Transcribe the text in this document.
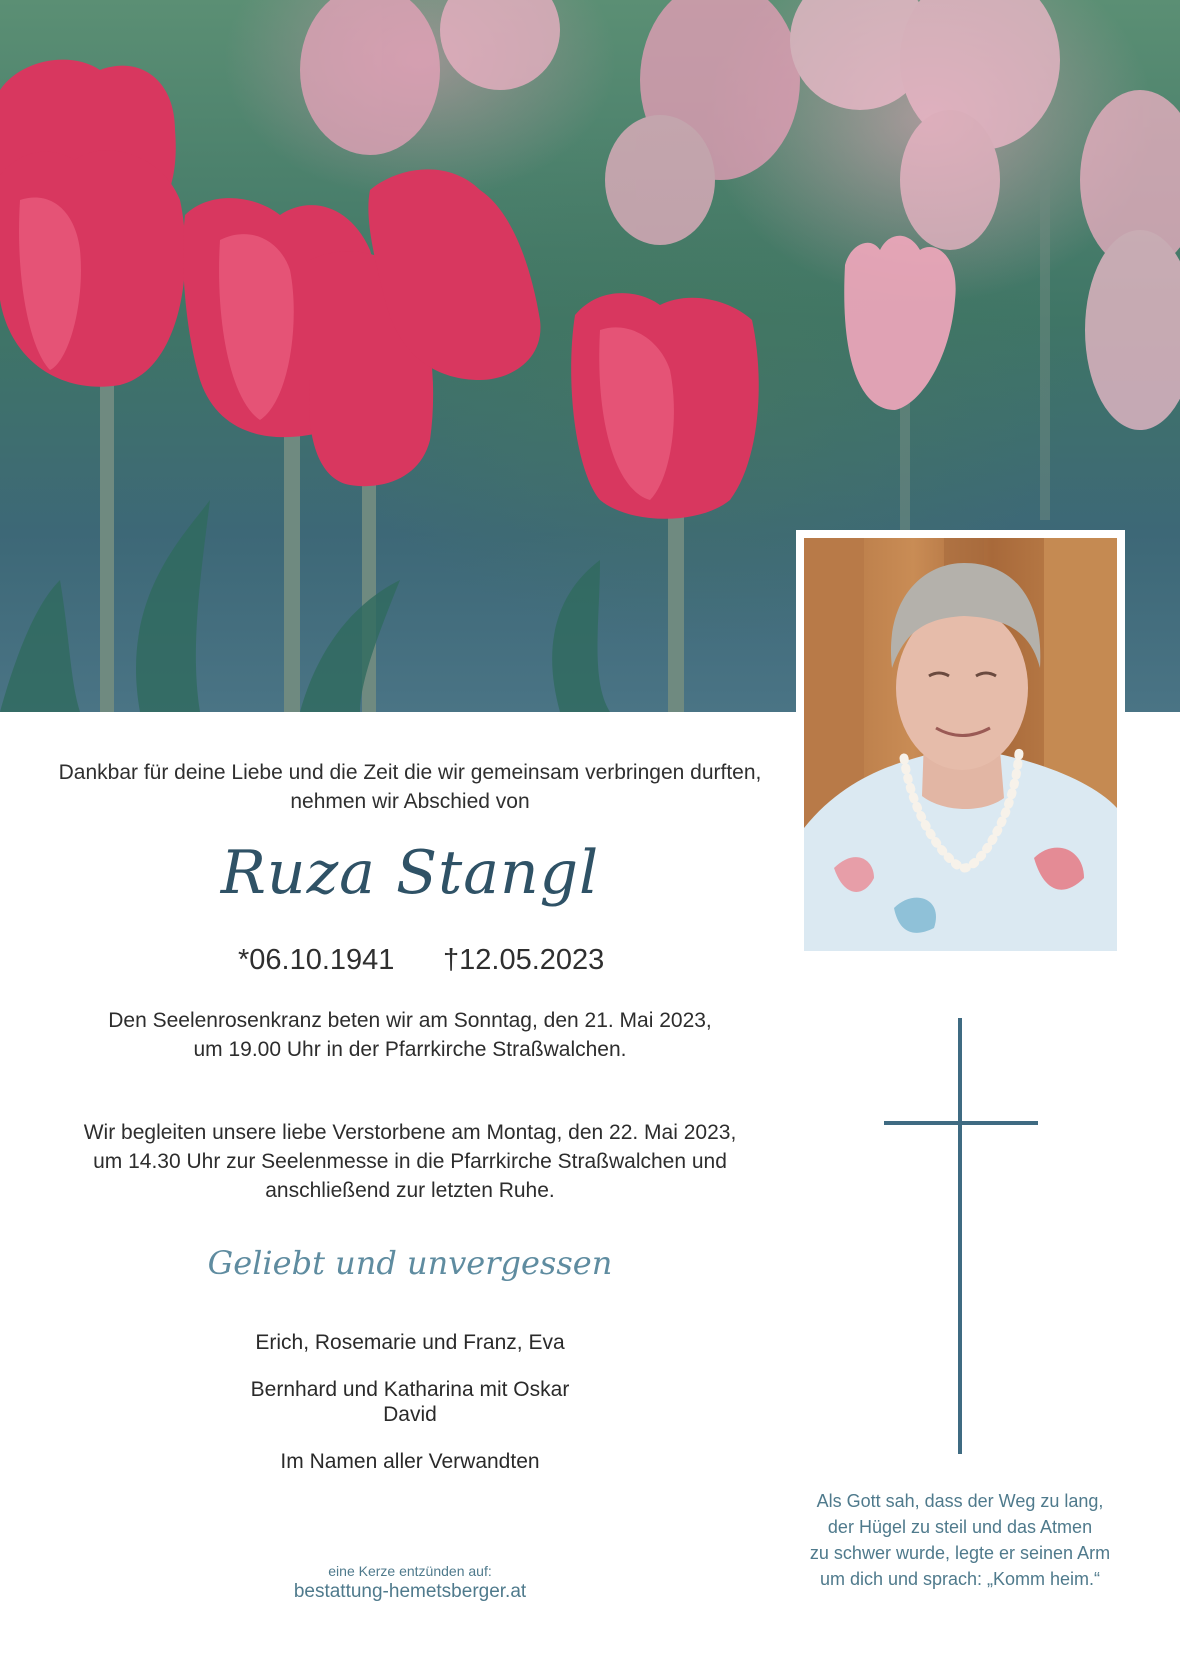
Dankbar für deine Liebe und die Zeit die wir gemeinsam verbringen durften,
nehmen wir Abschied von
Ruza Stangl
*06.10.1941 †12.05.2023
Den Seelenrosenkranz beten wir am Sonntag, den 21. Mai 2023,
um 19.00 Uhr in der Pfarrkirche Straßwalchen.
Wir begleiten unsere liebe Verstorbene am Montag, den 22. Mai 2023,
um 14.30 Uhr zur Seelenmesse in die Pfarrkirche Straßwalchen und
anschließend zur letzten Ruhe.
Geliebt und unvergessen
Erich, Rosemarie und Franz, Eva
Bernhard und Katharina mit Oskar
David
Im Namen aller Verwandten
eine Kerze entzünden auf:
bestattung-hemetsberger.at
Als Gott sah, dass der Weg zu lang,
der Hügel zu steil und das Atmen
zu schwer wurde, legte er seinen Arm
um dich und sprach: „Komm heim.“
